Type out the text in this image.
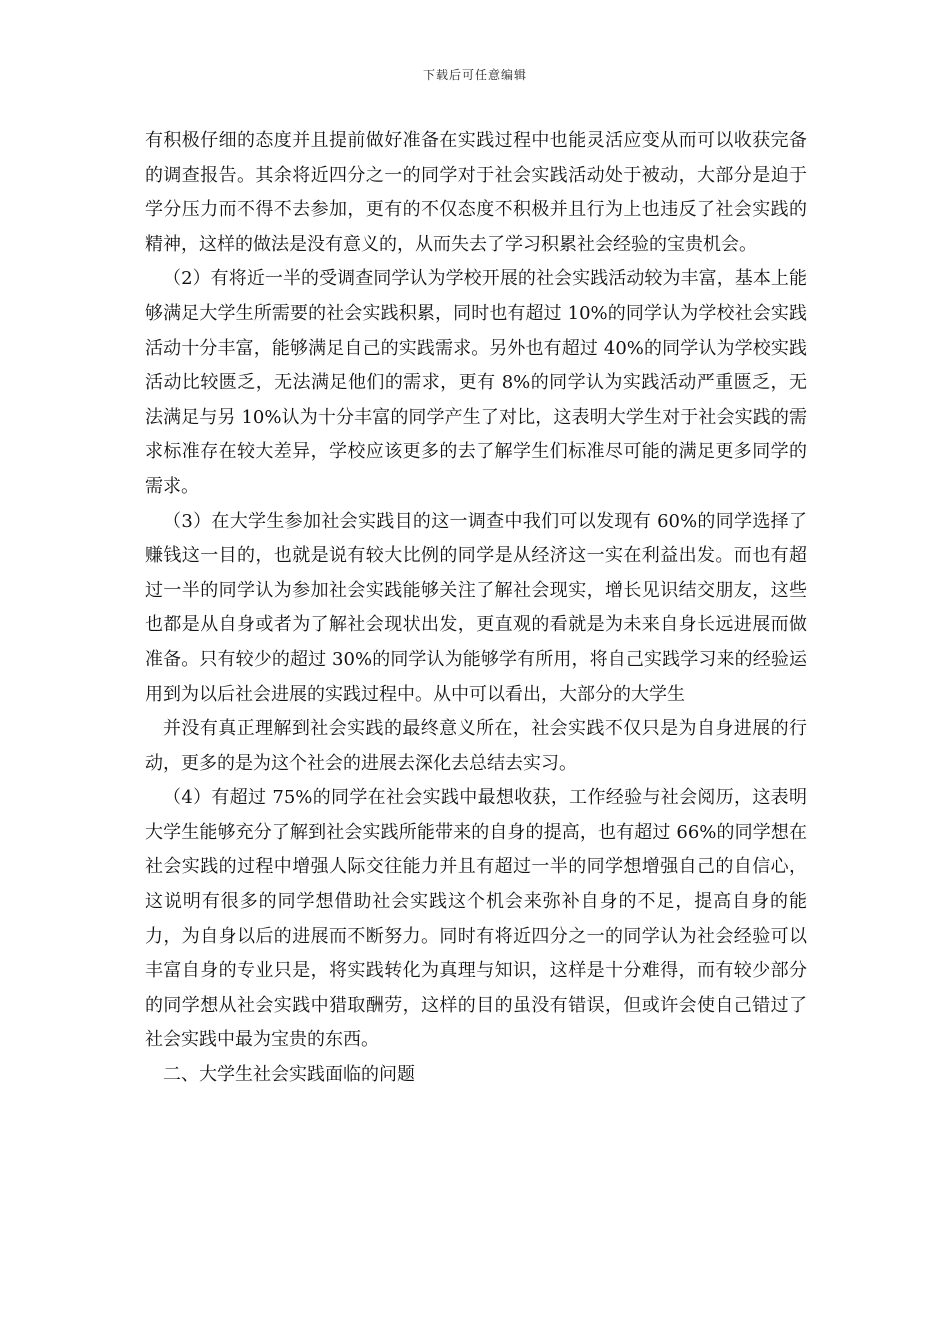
下载后可任意编辑

有积极仔细的态度并且提前做好准备在实践过程中也能灵活应变从而可以收获完备的调查报告。其余将近四分之一的同学对于社会实践活动处于被动，大部分是迫于学分压力而不得不去参加，更有的不仅态度不积极并且行为上也违反了社会实践的精神，这样的做法是没有意义的，从而失去了学习积累社会经验的宝贵机会。

（2）有将近一半的受调查同学认为学校开展的社会实践活动较为丰富，基本上能够满足大学生所需要的社会实践积累，同时也有超过 10%的同学认为学校社会实践活动十分丰富，能够满足自己的实践需求。另外也有超过 40%的同学认为学校实践活动比较匮乏，无法满足他们的需求，更有 8%的同学认为实践活动严重匮乏，无法满足与另 10%认为十分丰富的同学产生了对比，这表明大学生对于社会实践的需求标准存在较大差异，学校应该更多的去了解学生们标准尽可能的满足更多同学的需求。

（3）在大学生参加社会实践目的这一调查中我们可以发现有 60%的同学选择了赚钱这一目的，也就是说有较大比例的同学是从经济这一实在利益出发。而也有超过一半的同学认为参加社会实践能够关注了解社会现实，增长见识结交朋友，这些也都是从自身或者为了解社会现状出发，更直观的看就是为未来自身长远进展而做准备。只有较少的超过 30%的同学认为能够学有所用，将自己实践学习来的经验运用到为以后社会进展的实践过程中。从中可以看出，大部分的大学生

并没有真正理解到社会实践的最终意义所在，社会实践不仅只是为自身进展的行动，更多的是为这个社会的进展去深化去总结去实习。

（4）有超过 75%的同学在社会实践中最想收获，工作经验与社会阅历，这表明大学生能够充分了解到社会实践所能带来的自身的提高，也有超过 66%的同学想在社会实践的过程中增强人际交往能力并且有超过一半的同学想增强自己的自信心，这说明有很多的同学想借助社会实践这个机会来弥补自身的不足，提高自身的能力，为自身以后的进展而不断努力。同时有将近四分之一的同学认为社会经验可以丰富自身的专业只是，将实践转化为真理与知识，这样是十分难得，而有较少部分的同学想从社会实践中猎取酬劳，这样的目的虽没有错误，但或许会使自己错过了社会实践中最为宝贵的东西。

二、大学生社会实践面临的问题
